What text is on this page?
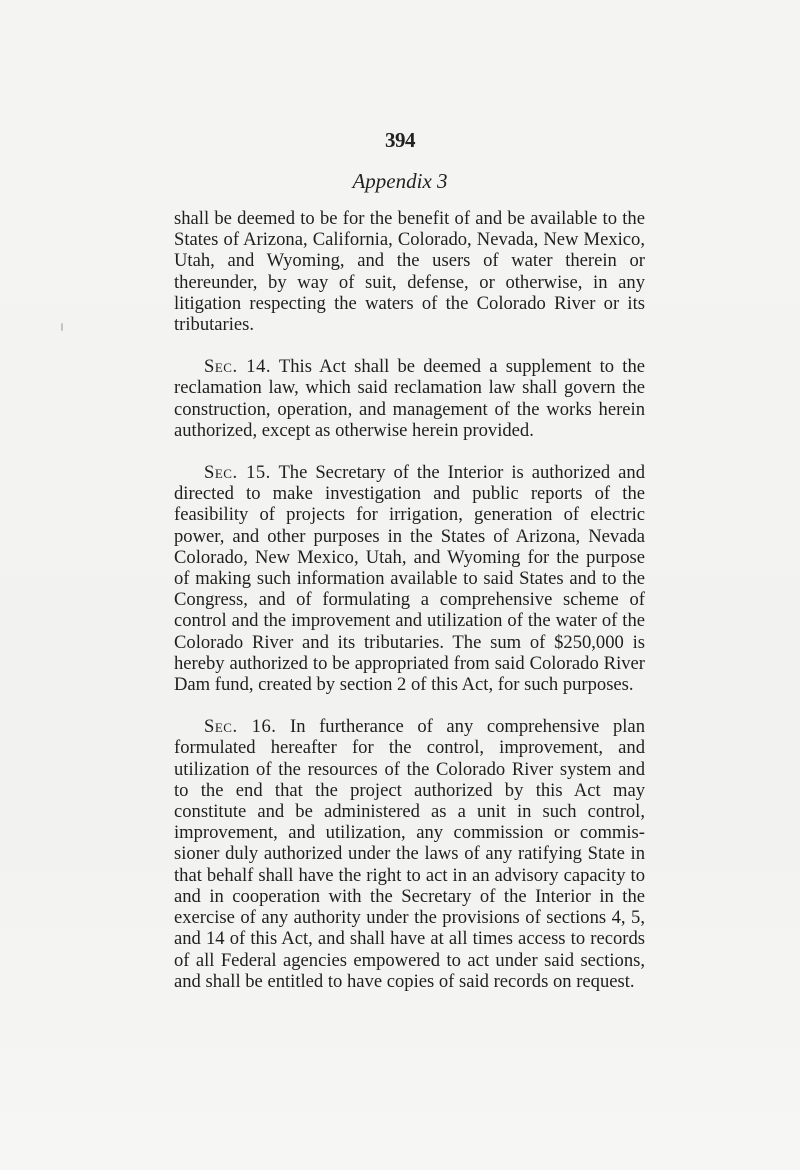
394
Appendix 3

shall be deemed to be for the benefit of and be available to the States of Arizona, California, Colorado, Nevada, New Mexico, Utah, and Wyoming, and the users of water therein or thereunder, by way of suit, defense, or otherwise, in any litigation respecting the waters of the Colorado River or its tributaries.

Sec. 14. This Act shall be deemed a supplement to the reclamation law, which said reclamation law shall govern the construction, operation, and management of the works herein authorized, except as otherwise herein provided.

Sec. 15. The Secretary of the Interior is authorized and directed to make investigation and public reports of the feasibility of projects for irrigation, generation of electric power, and other purposes in the States of Arizona, Nevada Colorado, New Mexico, Utah, and Wyoming for the purpose of making such information available to said States and to the Congress, and of formulating a comprehensive scheme of control and the improvement and utilization of the water of the Colorado River and its tributaries. The sum of $250,000 is hereby authorized to be appropriated from said Colorado River Dam fund, created by section 2 of this Act, for such purposes.

Sec. 16. In furtherance of any comprehensive plan formulated hereafter for the control, improvement, and utilization of the resources of the Colorado River system and to the end that the project authorized by this Act may constitute and be administered as a unit in such control, improvement, and utilization, any commission or commissioner duly authorized under the laws of any ratifying State in that behalf shall have the right to act in an advisory capacity to and in cooperation with the Secretary of the Interior in the exercise of any authority under the provisions of sections 4, 5, and 14 of this Act, and shall have at all times access to records of all Federal agencies empowered to act under said sections, and shall be entitled to have copies of said records on request.
